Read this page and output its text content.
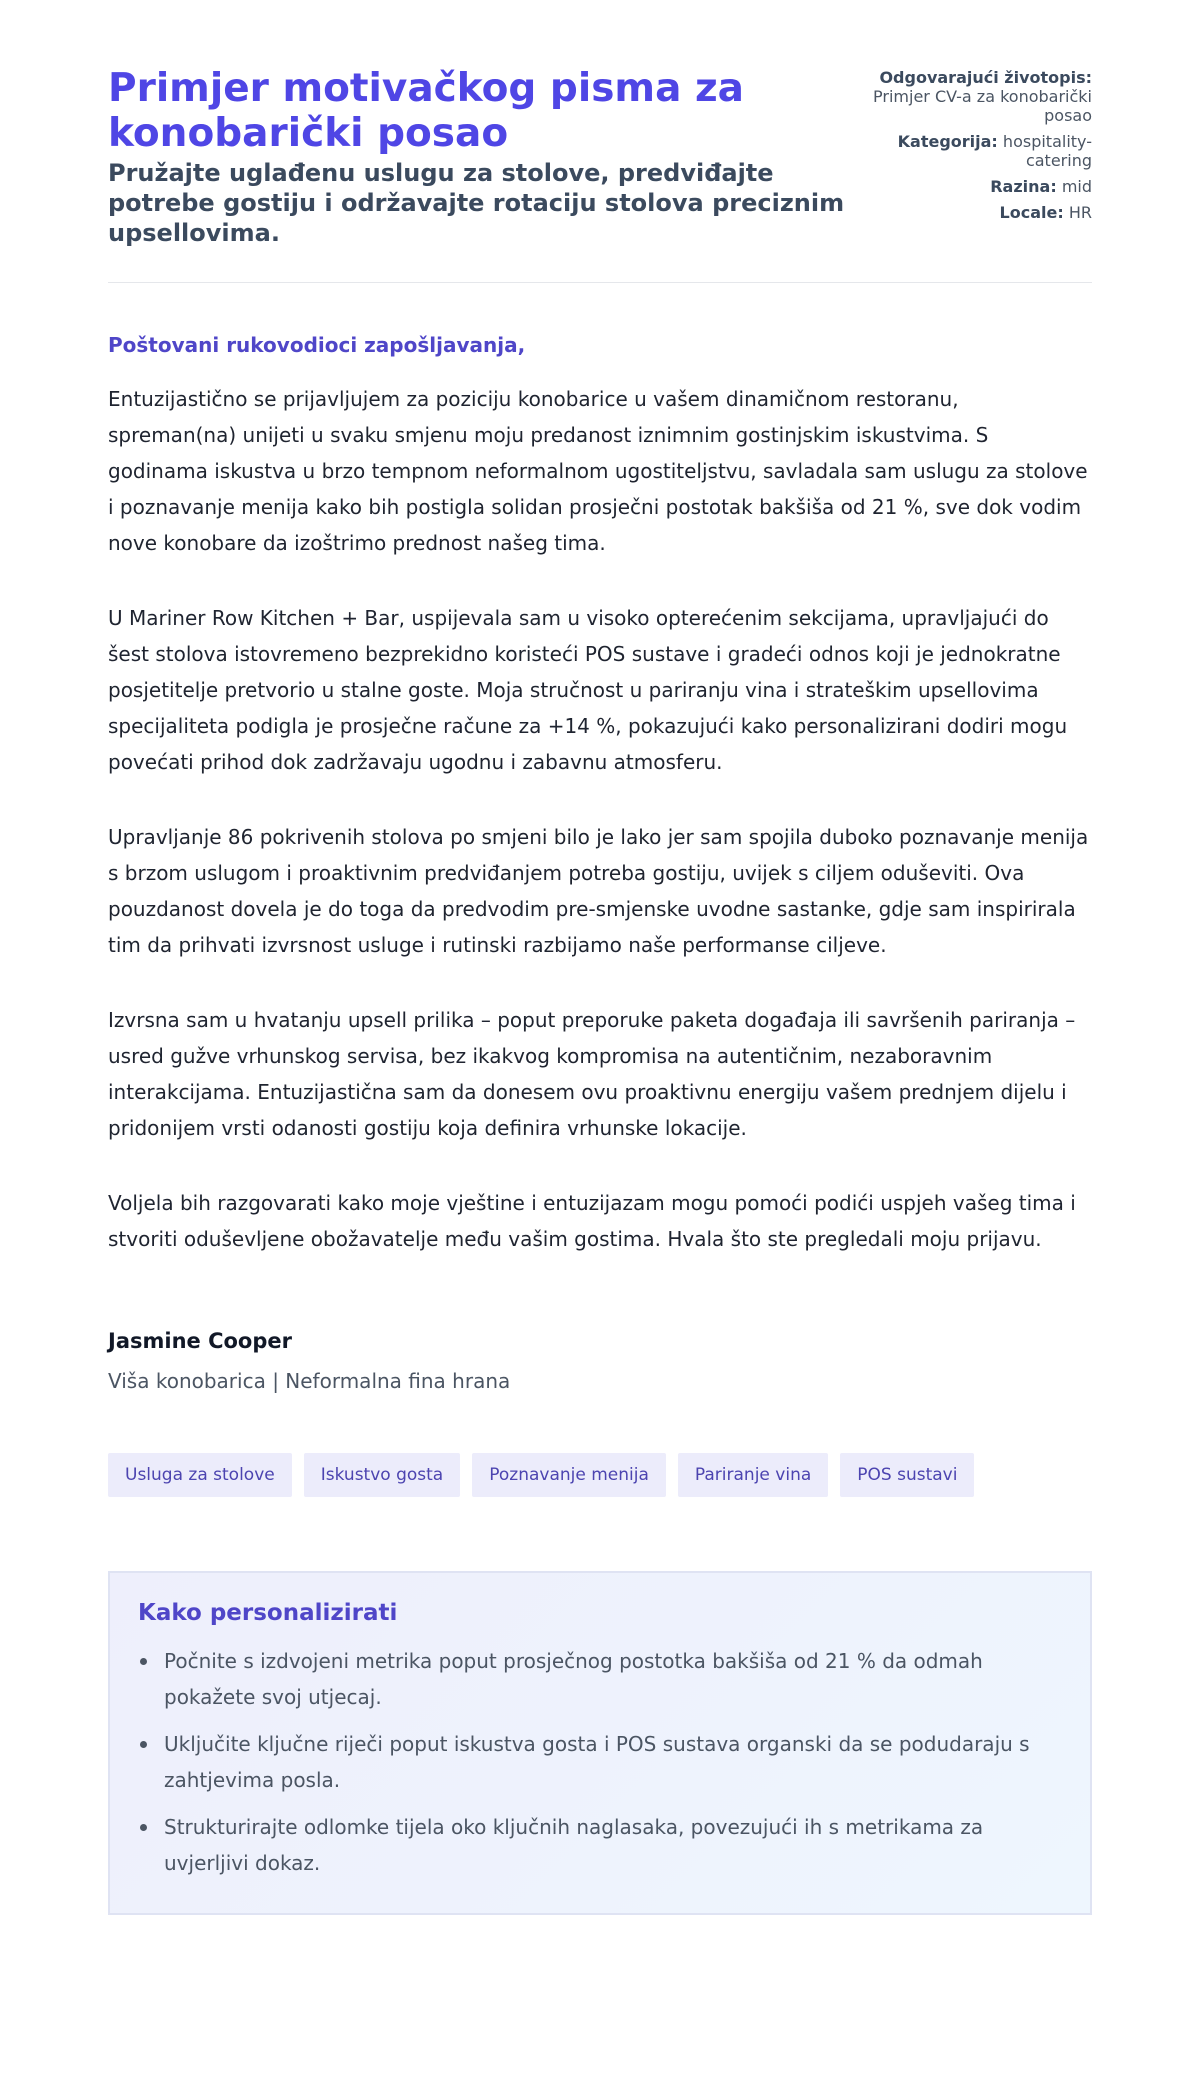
Primjer motivačkog pisma za konobarički posao
Pružajte uglađenu uslugu za stolove, predviđajte potrebe gostiju i održavajte rotaciju stolova preciznim upsellovima.
Odgovarajući životopis: Primjer CV-a za konobarički posao
Kategorija: hospitality-catering
Razina: mid
Locale: HR

Poštovani rukovodioci zapošljavanja,

Entuzijastično se prijavljujem za poziciju konobarice u vašem dinamičnom restoranu, spreman(na) unijeti u svaku smjenu moju predanost iznimnim gostinjskim iskustvima. S godinama iskustva u brzo tempnom neformalnom ugostiteljstvu, savladala sam uslugu za stolove i poznavanje menija kako bih postigla solidan prosječni postotak bakšiša od 21 %, sve dok vodim nove konobare da izoštrimo prednost našeg tima.

U Mariner Row Kitchen + Bar, uspijevala sam u visoko opterećenim sekcijama, upravljajući do šest stolova istovremeno bezprekidno koristeći POS sustave i gradeći odnos koji je jednokratne posjetitelje pretvorio u stalne goste. Moja stručnost u pariranju vina i strateškim upsellovima specijaliteta podigla je prosječne račune za +14 %, pokazujući kako personalizirani dodiri mogu povećati prihod dok zadržavaju ugodnu i zabavnu atmosferu.

Upravljanje 86 pokrivenih stolova po smjeni bilo je lako jer sam spojila duboko poznavanje menija s brzom uslugom i proaktivnim predviđanjem potreba gostiju, uvijek s ciljem oduševiti. Ova pouzdanost dovela je do toga da predvodim pre-smjenske uvodne sastanke, gdje sam inspirirala tim da prihvati izvrsnost usluge i rutinski razbijamo naše performanse ciljeve.

Izvrsna sam u hvatanju upsell prilika – poput preporuke paketa događaja ili savršenih pariranja – usred gužve vrhunskog servisa, bez ikakvog kompromisa na autentičnim, nezaboravnim interakcijama. Entuzijastična sam da donesem ovu proaktivnu energiju vašem prednjem dijelu i pridonijem vrsti odanosti gostiju koja definira vrhunske lokacije.

Voljela bih razgovarati kako moje vještine i entuzijazam mogu pomoći podići uspjeh vašeg tima i stvoriti oduševljene obožavatelje među vašim gostima. Hvala što ste pregledali moju prijavu.

Jasmine Cooper
Viša konobarica | Neformalna fina hrana
Usluga za stolove	Iskustvo gosta	Poznavanje menija	Pariranje vina	POS sustavi
Kako personalizirati
Počnite s izdvojeni metrika poput prosječnog postotka bakšiša od 21 % da odmah pokažete svoj utjecaj.
Uključite ključne riječi poput iskustva gosta i POS sustava organski da se podudaraju s zahtjevima posla.
Strukturirajte odlomke tijela oko ključnih naglasaka, povezujući ih s metrikama za uvjerljivi dokaz.
